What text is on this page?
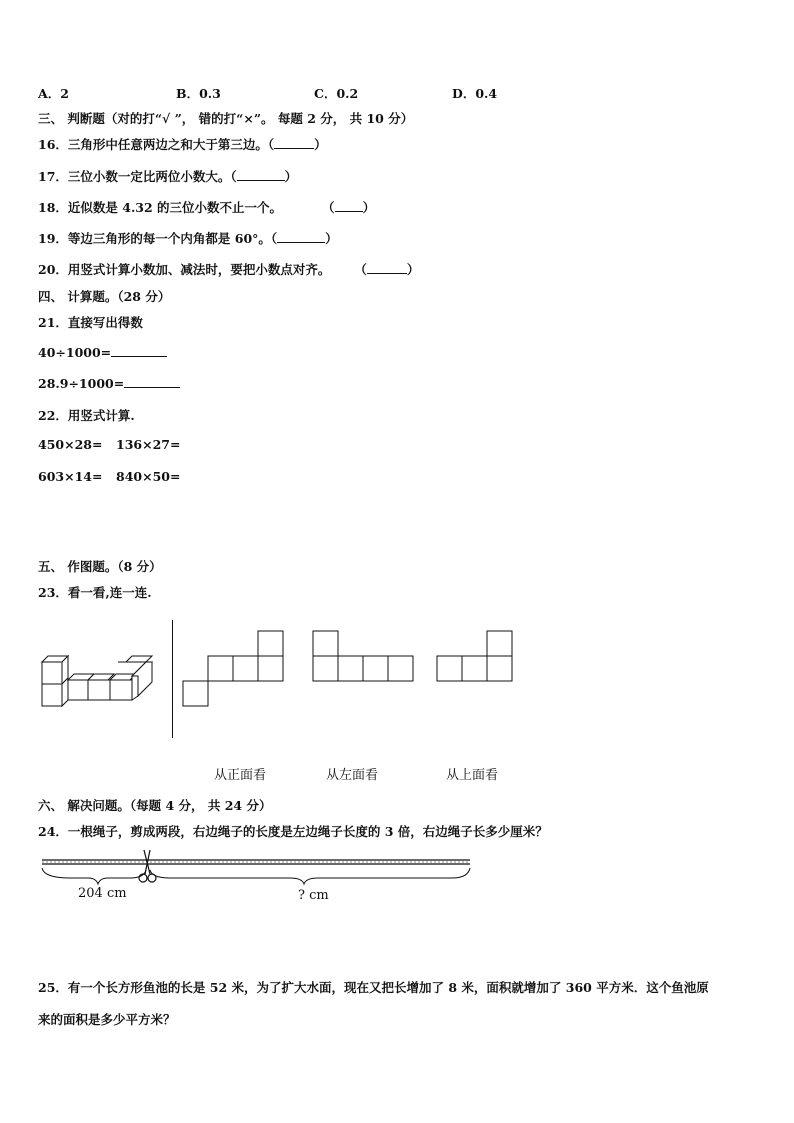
A．2	B．0.3	C．0.2	D．0.4
三、 判断题（对的打“√ ”， 错的打“×”。 每题 2 分， 共 10 分）
16．三角形中任意两边之和大于第三边。（	）
17．三位小数一定比两位小数大。（	）
18．近似数是 4.32 的三位小数不止一个。	（ ）
19．等边三角形的每一个内角都是 60°。（	）
20．用竖式计算小数加、减法时，要把小数点对齐。 （	）
四、 计算题。（28 分）
21．直接写出得数
40÷1000=
28.9÷1000=
22．用竖式计算.
450×28= 136×27=
603×14= 840×50=
五、 作图题。（8 分）
23．看一看,连一连.
从正面看	从左面看	从上面看
六、 解决问题。（每题 4 分， 共 24 分）
24．一根绳子，剪成两段，右边绳子的长度是左边绳子长度的 3 倍，右边绳子长多少厘米？
204 cm	? cm
25．有一个长方形鱼池的长是 52 米，为了扩大水面，现在又把长增加了 8 米，面积就增加了 360 平方米．这个鱼池原
来的面积是多少平方米？
